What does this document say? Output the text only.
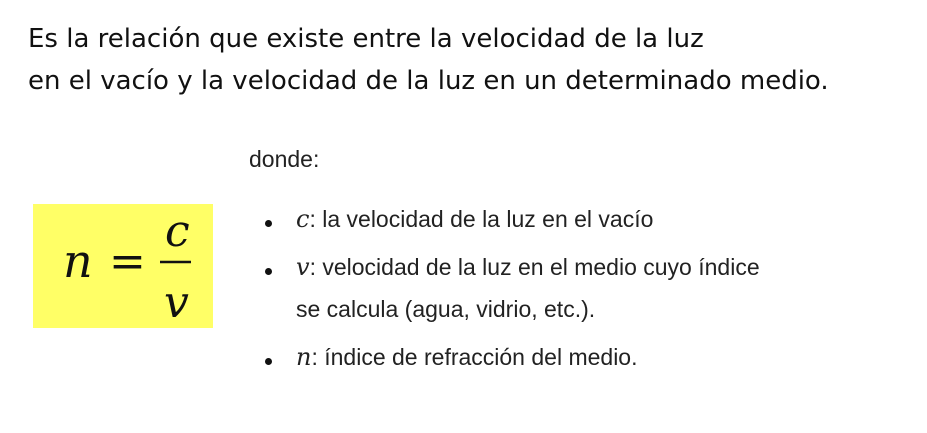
Es la relación que existe entre la velocidad de la luz
en el vacío y la velocidad de la luz en un determinado medio.

n =
c
v
donde:
c: la velocidad de la luz en el vacío
v: velocidad de la luz en el medio cuyo índice
se calcula (agua, vidrio, etc.).
n: índice de refracción del medio.
